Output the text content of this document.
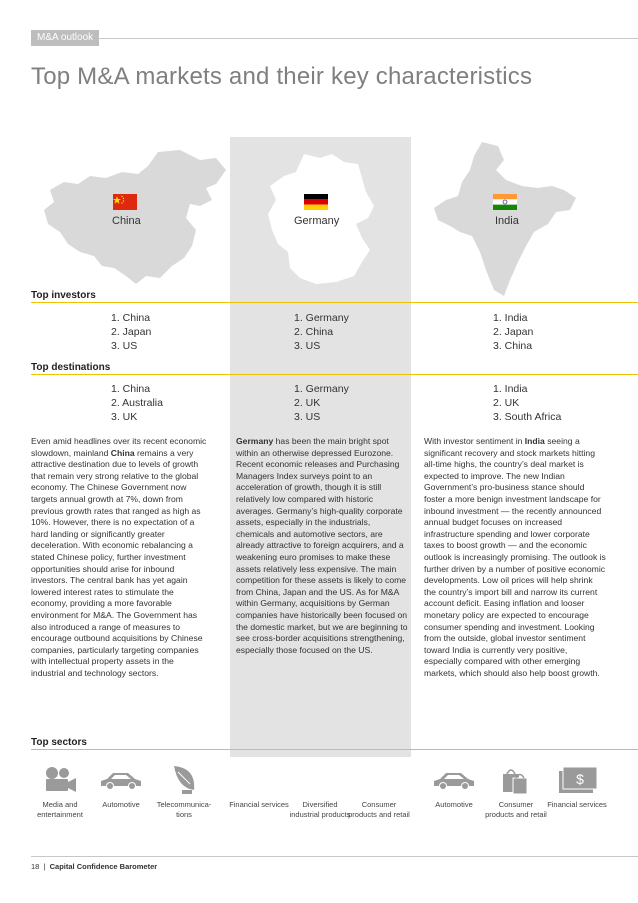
M&A outlook
Top M&A markets and their key characteristics
China	Germany	India
Top investors
1. China
2. Japan
3. US
1. Germany
2. China
3. US
1. India
2. Japan
3. China
Top destinations
1. China
2. Australia
3. UK
1. Germany
2. UK
3. US
1. India
2. UK
3. South Africa
Even amid headlines over its recent economic slowdown, mainland China remains a very attractive destination due to levels of growth that remain very strong relative to the global economy. The Chinese Government now targets annual growth at 7%, down from previous growth rates that ranged as high as 10%. However, there is no expectation of a hard landing or significantly greater deceleration. With economic rebalancing a stated Chinese policy, further investment opportunities should arise for inbound investors. The central bank has yet again lowered interest rates to stimulate the economy, providing a more favorable environment for M&A. The Government has also introduced a range of measures to encourage outbound acquisitions by Chinese companies, particularly targeting companies with intellectual property assets in the industrial and technology sectors.
Germany has been the main bright spot within an otherwise depressed Eurozone. Recent economic releases and Purchasing Managers Index surveys point to an acceleration of growth, though it is still relatively low compared with historic averages. Germany’s high-quality corporate assets, especially in the industrials, chemicals and automotive sectors, are already attractive to foreign acquirers, and a weakening euro promises to make these assets relatively less expensive. The main competition for these assets is likely to come from China, Japan and the US. As for M&A within Germany, acquisitions by German companies have historically been focused on the domestic market, but we are beginning to see cross-border acquisitions strengthening, especially those focused on the US.
With investor sentiment in India seeing a significant recovery and stock markets hitting all-time highs, the country’s deal market is expected to improve. The new Indian Government’s pro-business stance should foster a more benign investment landscape for inbound investment — the recently announced annual budget focuses on increased infrastructure spending and lower corporate taxes to boost growth — and the economic outlook is increasingly promising. The outlook is further driven by a number of positive economic developments. Low oil prices will help shrink the country’s import bill and narrow its current account deficit. Easing inflation and looser monetary policy are expected to encourage consumer spending and investment. Looking from the outside, global investor sentiment toward India is currently very positive, especially compared with other emerging markets, which should also help boost growth.
Top sectors
Media and entertainment
Automotive	Telecommunica-tions
$
Financial services	Diversified industrial products
Consumer products and retail
Automotive	Consumer products and retail
$
Financial services
18  |  Capital Confidence Barometer
